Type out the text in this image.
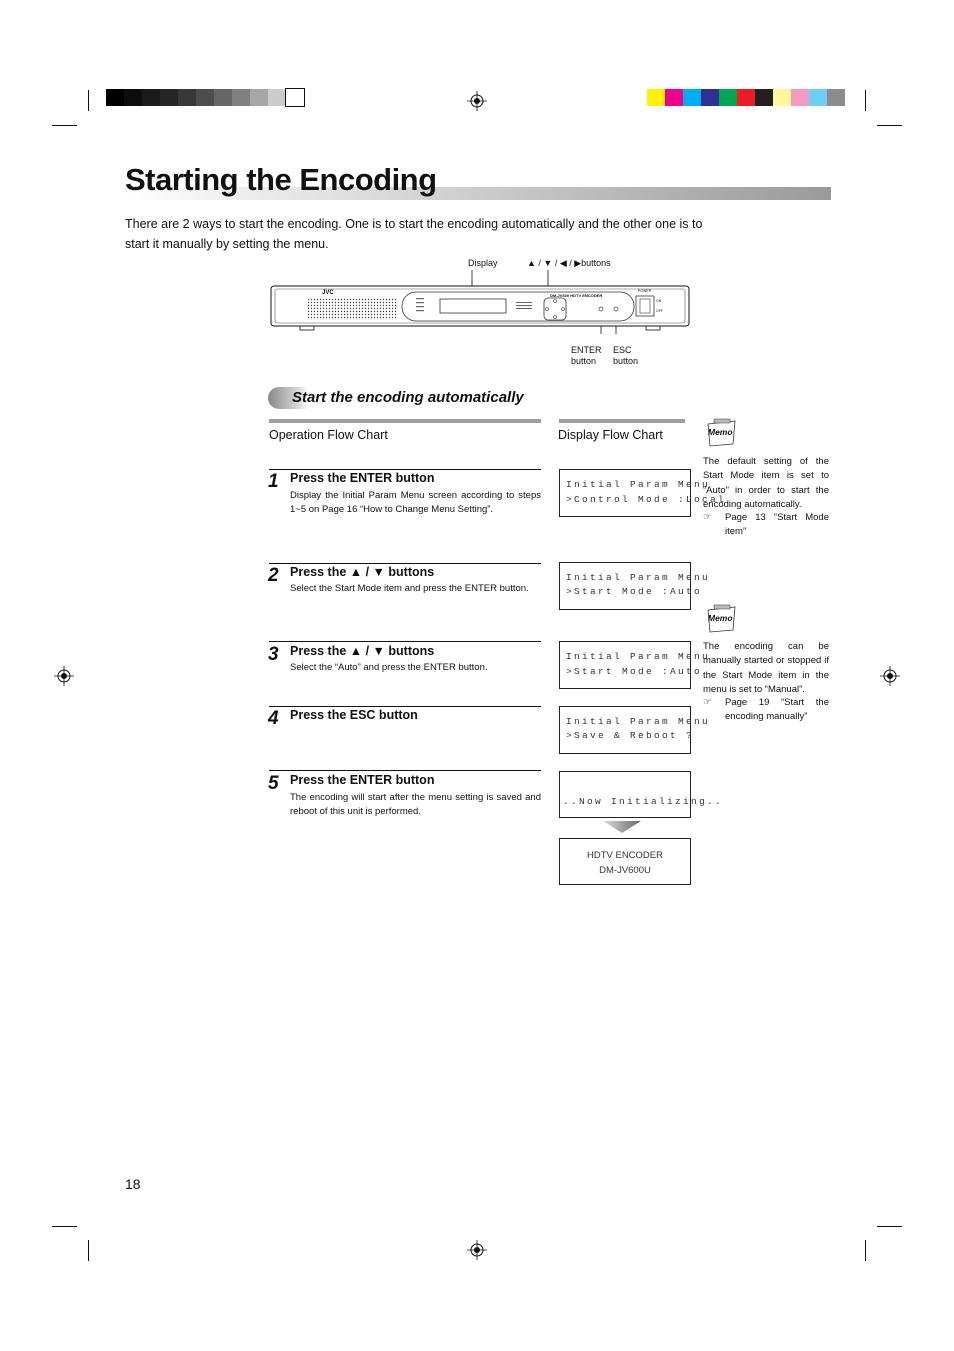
Starting the Encoding
There are 2 ways to start the encoding. One is to start the encoding automatically and the other one is to start it manually by setting the menu.
Display	▲ / ▼ / ◀ / ▶buttons
ENTER
button
ESC
button
JVC	DM-JV600 HDTV ENCODER
POWER
ON
OFF
Start the encoding automatically
Operation Flow Chart	Display Flow Chart
1 Press the ENTER button
Display the Initial Param Menu screen according to steps 1~5 on Page 16 “How to Change Menu Setting”.
2 Press the ▲ / ▼ buttons
Select the Start Mode item and press the ENTER button.
3 Press the ▲ / ▼ buttons
Select the “Auto” and press the ENTER button.
4 Press the ESC button
5 Press the ENTER button
The encoding will start after the menu setting is saved and reboot of this unit is performed.
Initial Param Menu
>Control Mode :Local
Initial Param Menu
>Start Mode :Auto
Initial Param Menu
>Start Mode :Auto
Initial Param Menu
>Save & Reboot ?
..Now Initializing..
HDTV ENCODER
DM-JV600U
Memo
The default setting of the Start Mode item is set to “Auto” in order to start the encoding automatically.
☞ Page 13 “Start Mode item”
Memo
The encoding can be manually started or stopped if the Start Mode item in the menu is set to “Manual”.
☞ Page 19 “Start the encoding manually”
18
